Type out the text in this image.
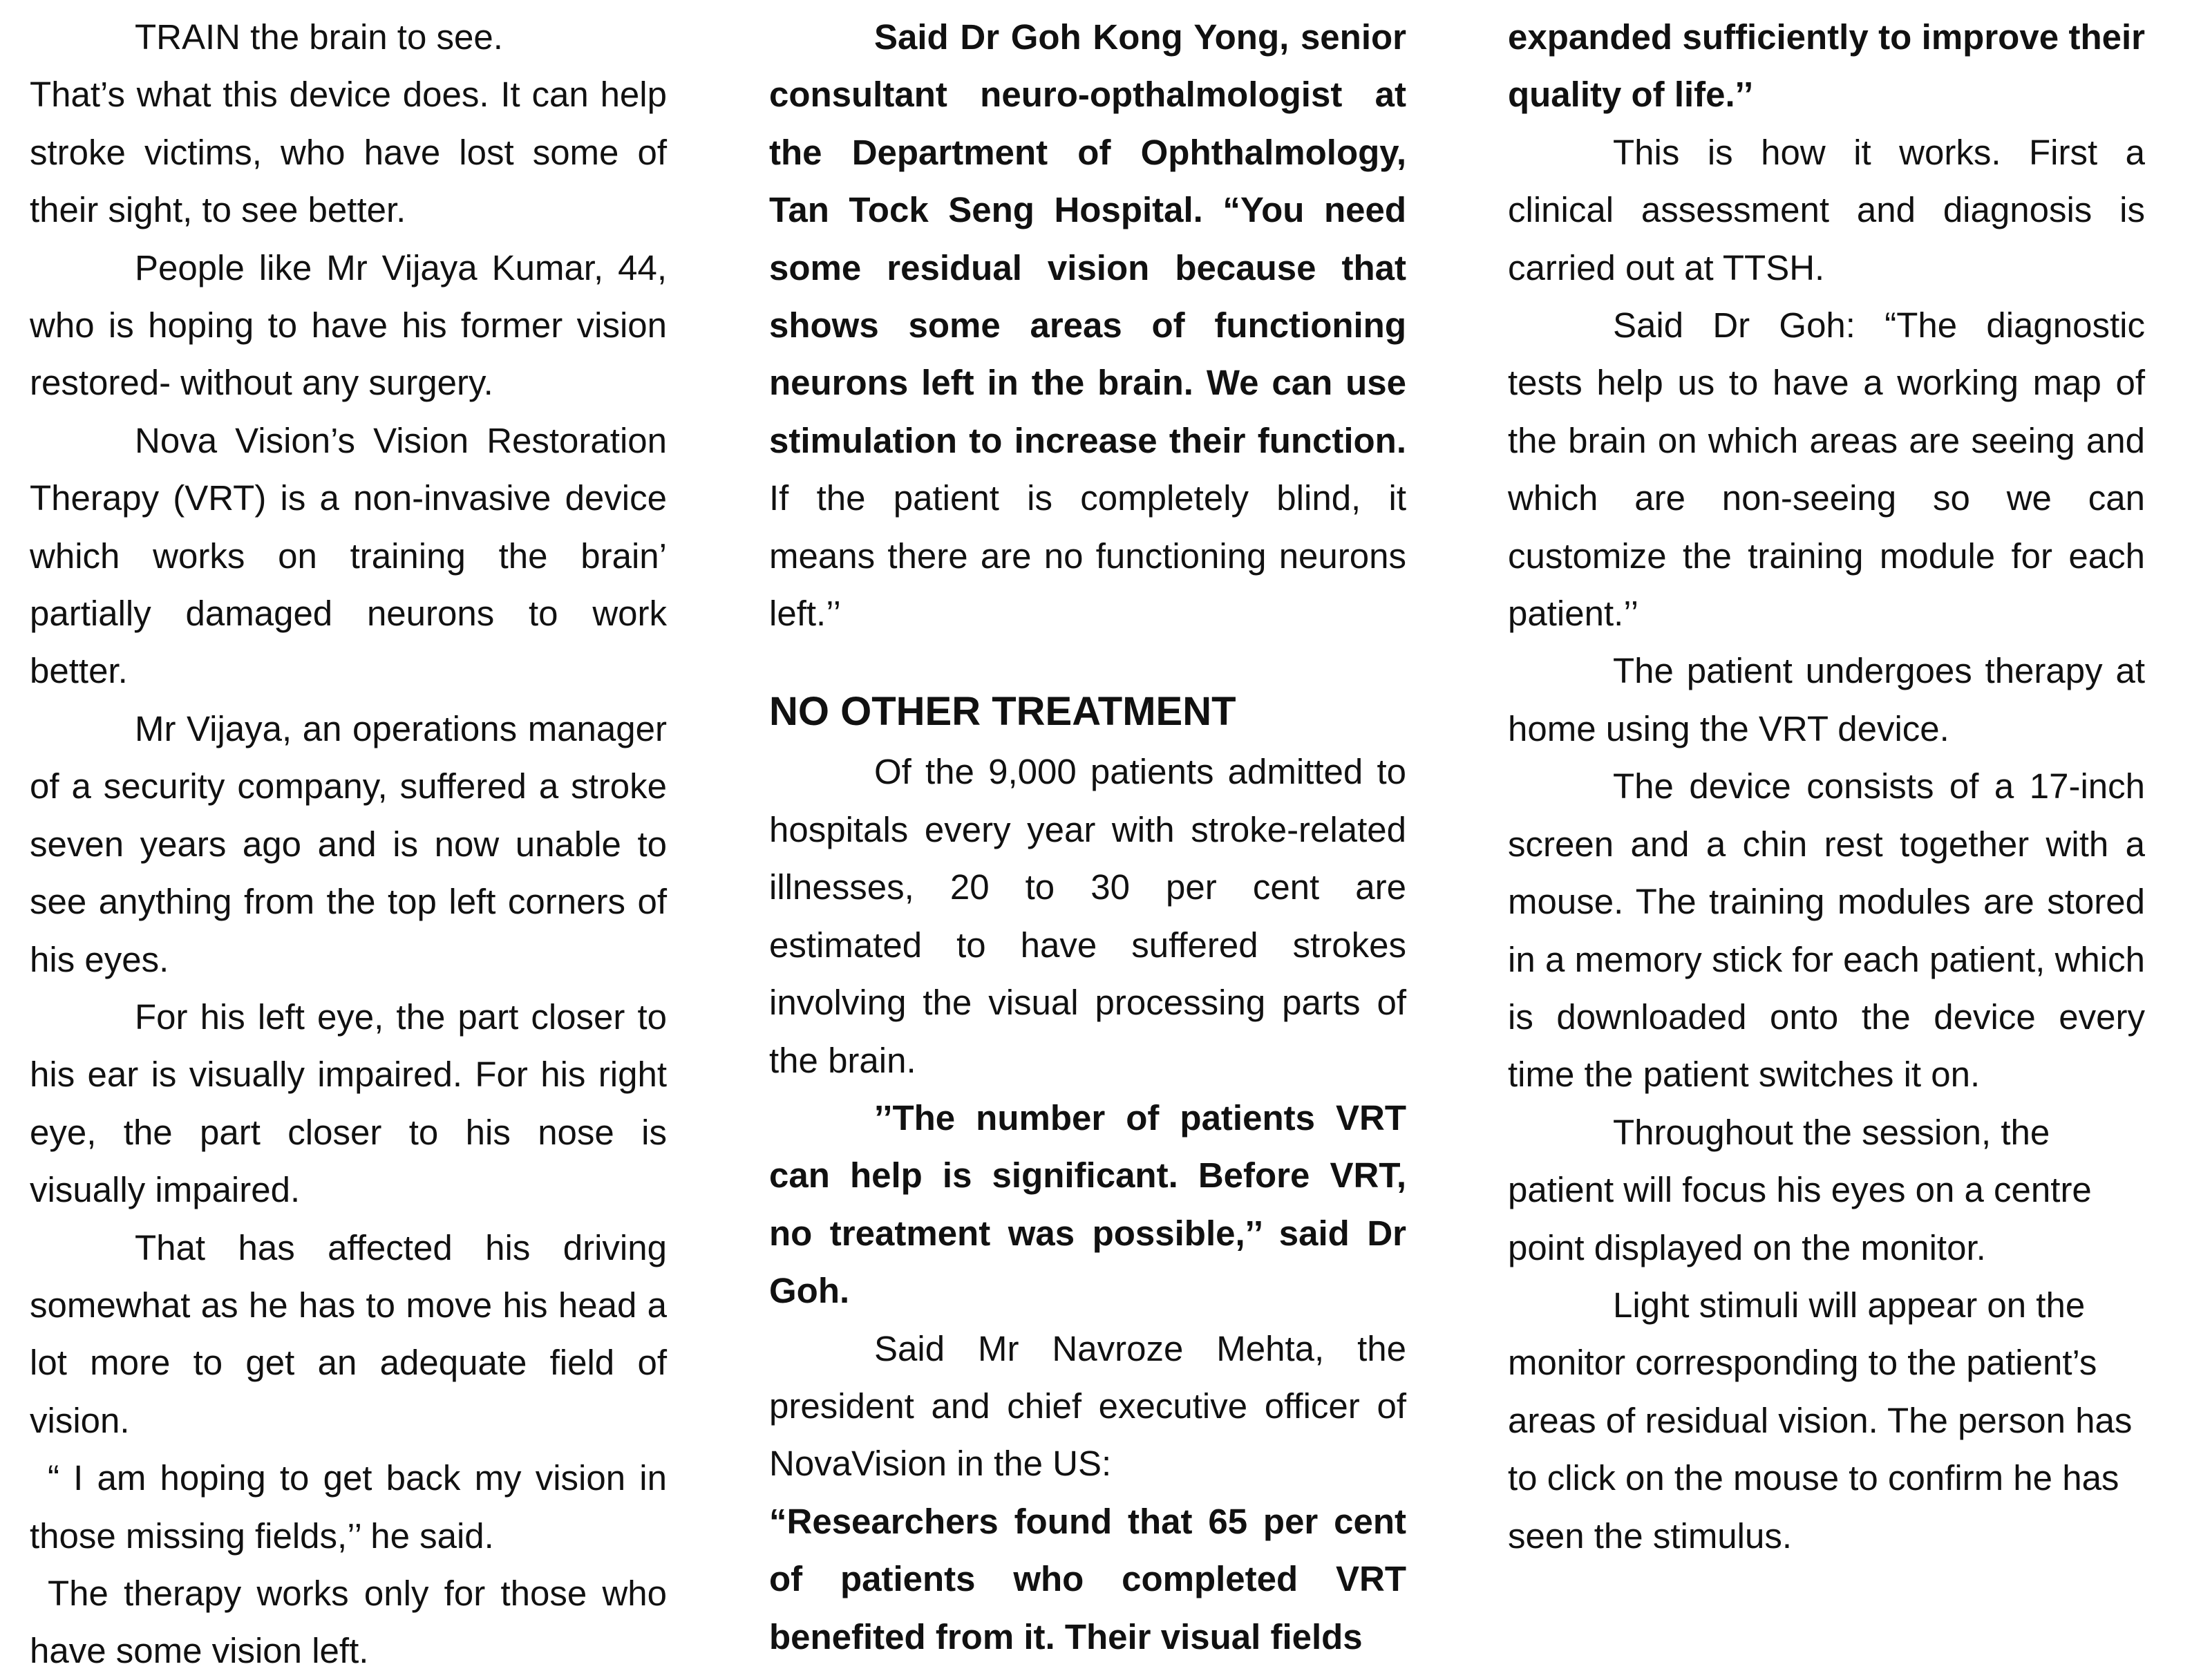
TRAIN the brain to see.

That’s what this device does. It can help stroke victims, who have lost some of their sight, to see better.

People like Mr Vijaya Kumar, 44, who is hoping to have his former vision restored- without any surgery.

Nova Vision’s Vision Restoration Therapy (VRT) is a non-invasive device which works on training the brain’ partially damaged neurons to work better.

Mr Vijaya, an operations manager of a security company, suffered a stroke seven years ago and is now unable to see anything from the top left corners of his eyes.

For his left eye, the part closer to his ear is visually impaired. For his right eye, the part closer to his nose is visually impaired.

That has affected his driving somewhat as he has to move his head a lot more to get an adequate field of vision.

“ I am hoping to get back my vision in those missing fields,’’ he said.

The therapy works only for those who have some vision left.

Said Dr Goh Kong Yong, senior consultant neuro-opthalmologist at the Department of Ophthalmology, Tan Tock Seng Hospital. “You need some residual vision because that shows some areas of functioning neurons left in the brain. We can use stimulation to increase their function. If the patient is completely blind, it means there are no functioning neurons left.’’

NO OTHER TREATMENT

Of the 9,000 patients admitted to hospitals every year with stroke-related illnesses, 20 to 30 per cent are estimated to have suffered strokes involving the visual processing parts of the brain.

’’The number of patients VRT can help is significant. Before VRT, no treatment was possible,’’ said Dr Goh.

Said Mr Navroze Mehta, the president and chief executive officer of NovaVision in the US:

“Researchers found that 65 per cent of patients who completed VRT benefited from it. Their visual fields

expanded sufficiently to improve their quality of life.’’

This is how it works. First a clinical assessment and diagnosis is carried out at TTSH.

Said Dr Goh: “The diagnostic tests help us to have a working map of the brain on which areas are seeing and which are non-seeing so we can customize the training module for each patient.’’

The patient undergoes therapy at home using the VRT device.

The device consists of a 17-inch screen and a chin rest together with a mouse. The training modules are stored in a memory stick for each patient, which is downloaded onto the device every time the patient switches it on.

Throughout the session, the patient will focus his eyes on a centre point displayed on the monitor.

Light stimuli will appear on the monitor corresponding to the patient’s areas of residual vision. The person has to click on the mouse to confirm he has seen the stimulus.
